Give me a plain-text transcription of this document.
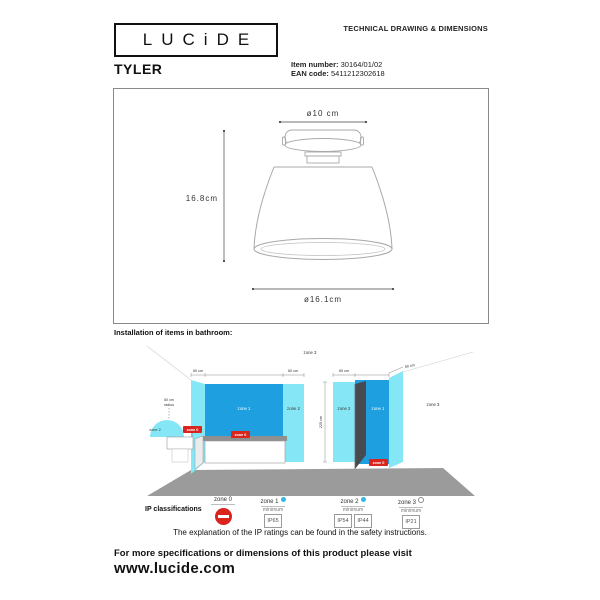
LUCiDE
TECHNICAL DRAWING & DIMENSIONS
TYLER	Item number: 30164/01/02
EAN code: 5411212302618
ø10 cm
16.8cm
ø16.1cm
Installation of items in bathroom:
zone 3
zone 1	zone 2
60 cm	60 cm
60 cm
radius
zone 2	zone 0
zone 0
225 cm
zone 2	zone 1
zone 3
60 cm
60 cm
zone 0
IP classifications
zone 0	zone 1
minimum
IP65
zone 2
minimum
IP54	IP44
zone 3
minimum
IP21
The explanation of the IP ratings can be found in the safety instructions.
For more specifications or dimensions of this product please visit
www.lucide.com
